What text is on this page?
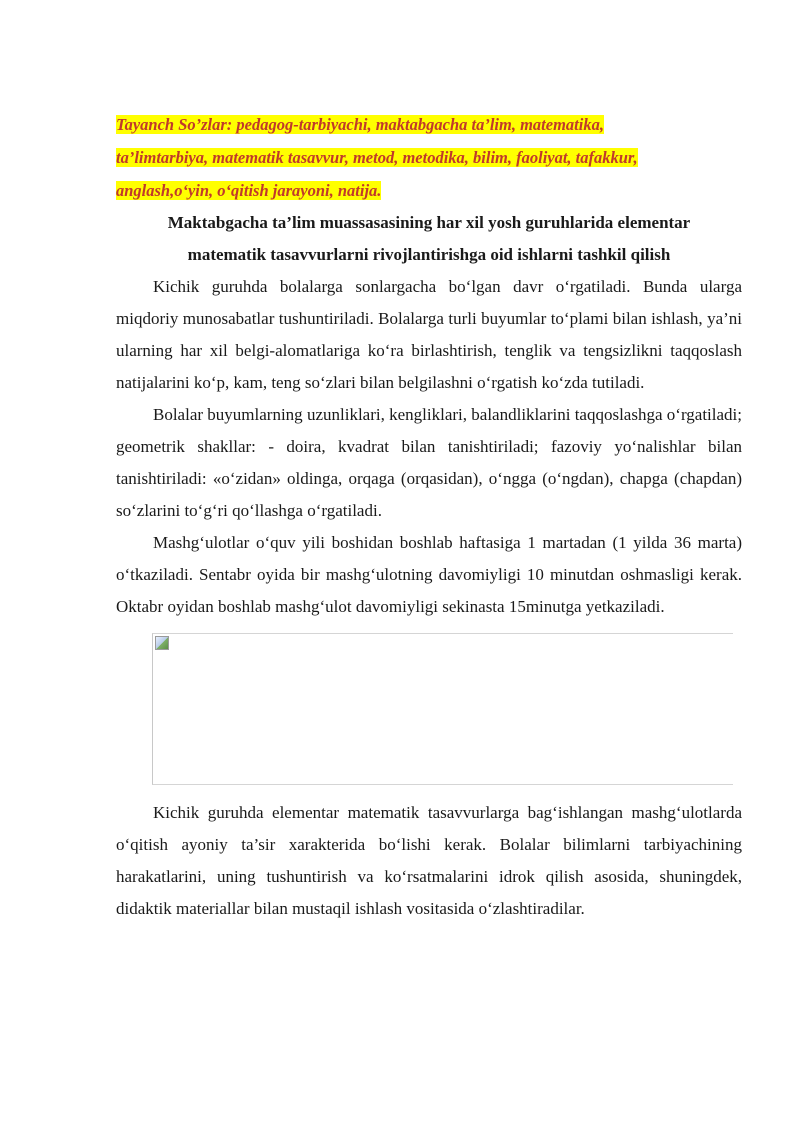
Tayanch So’zlar: pedagog-tarbiyachi, maktabgacha ta’lim, matematika,
ta’limtarbiya, matematik tasavvur, metod, metodika, bilim, faoliyat, tafakkur,
anglash,o‘yin, o‘qitish jarayoni, natija.

Maktabgacha ta’lim muassasasining har xil yosh guruhlarida elementar
matematik tasavvurlarni rivojlantirishga oid ishlarni tashkil qilish

Kichik guruhda bolalarga sonlargacha bo‘lgan davr o‘rgatiladi. Bunda ularga miqdoriy munosabatlar tushuntiriladi. Bolalarga turli buyumlar to‘plami bilan ishlash, ya’ni ularning har xil belgi-alomatlariga ko‘ra birlashtirish, tenglik va tengsizlikni taqqoslash natijalarini ko‘p, kam, teng so‘zlari bilan belgilashni o‘rgatish ko‘zda tutiladi.

Bolalar buyumlarning uzunliklari, kengliklari, balandliklarini taqqoslashga o‘rgatiladi; geometrik shakllar: - doira, kvadrat bilan tanishtiriladi; fazoviy yo‘nalishlar bilan tanishtiriladi: «o‘zidan» oldinga, orqaga (orqasidan), o‘ngga (o‘ngdan), chapga (chapdan) so‘zlarini to‘g‘ri qo‘llashga o‘rgatiladi.

Mashg‘ulotlar o‘quv yili boshidan boshlab haftasiga 1 martadan (1 yilda 36 marta) o‘tkaziladi. Sentabr oyida bir mashg‘ulotning davomiyligi 10 minutdan oshmasligi kerak. Oktabr oyidan boshlab mashg‘ulot davomiyligi sekinasta 15minutga yetkaziladi.

Kichik guruhda elementar matematik tasavvurlarga bag‘ishlangan mashg‘ulotlarda o‘qitish ayoniy ta’sir xarakterida bo‘lishi kerak. Bolalar bilimlarni tarbiyachining harakatlarini, uning tushuntirish va ko‘rsatmalarini idrok qilish asosida, shuningdek, didaktik materiallar bilan mustaqil ishlash vositasida o‘zlashtiradilar.
